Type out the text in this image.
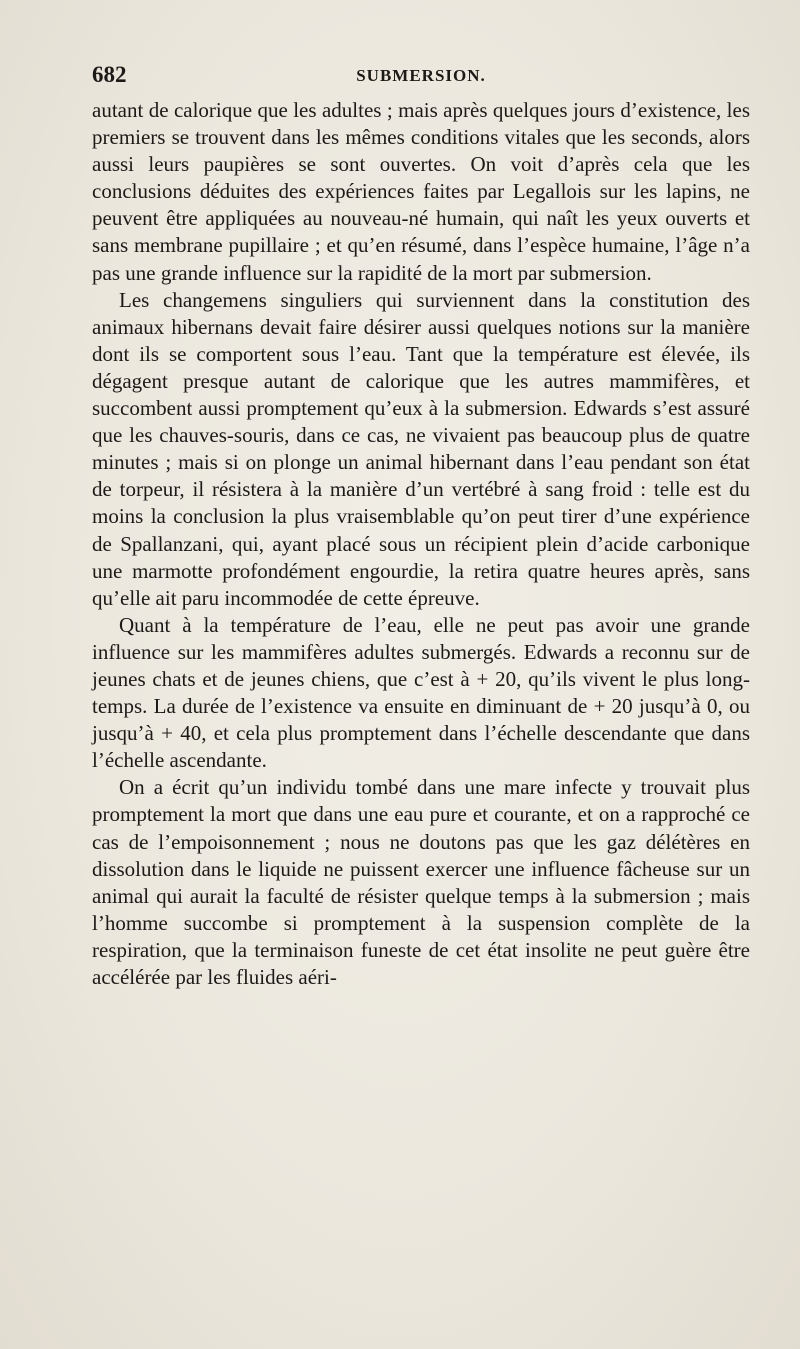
682	SUBMERSION.

autant de calorique que les adultes ; mais après quelques jours d’existence, les premiers se trouvent dans les mêmes conditions vitales que les seconds, alors aussi leurs paupières se sont ouvertes. On voit d’après cela que les conclusions déduites des expériences faites par Legallois sur les lapins, ne peuvent être appliquées au nouveau-né humain, qui naît les yeux ouverts et sans membrane pupillaire ; et qu’en résumé, dans l’espèce humaine, l’âge n’a pas une grande influence sur la rapidité de la mort par submersion.

Les changemens singuliers qui surviennent dans la constitution des animaux hibernans devait faire désirer aussi quelques notions sur la manière dont ils se comportent sous l’eau. Tant que la température est élevée, ils dégagent presque autant de calorique que les autres mammifères, et succombent aussi promptement qu’eux à la submersion. Edwards s’est assuré que les chauves-souris, dans ce cas, ne vivaient pas beaucoup plus de quatre minutes ; mais si on plonge un animal hibernant dans l’eau pendant son état de torpeur, il résistera à la manière d’un vertébré à sang froid : telle est du moins la conclusion la plus vraisemblable qu’on peut tirer d’une expérience de Spallanzani, qui, ayant placé sous un récipient plein d’acide carbonique une marmotte profondément engourdie, la retira quatre heures après, sans qu’elle ait paru incommodée de cette épreuve.

Quant à la température de l’eau, elle ne peut pas avoir une grande influence sur les mammifères adultes submergés. Edwards a reconnu sur de jeunes chats et de jeunes chiens, que c’est à + 20, qu’ils vivent le plus long-temps. La durée de l’existence va ensuite en diminuant de + 20 jusqu’à 0, ou jusqu’à + 40, et cela plus promptement dans l’échelle descendante que dans l’échelle ascendante.

On a écrit qu’un individu tombé dans une mare infecte y trouvait plus promptement la mort que dans une eau pure et courante, et on a rapproché ce cas de l’empoisonnement ; nous ne doutons pas que les gaz délétères en dissolution dans le liquide ne puissent exercer une influence fâcheuse sur un animal qui aurait la faculté de résister quelque temps à la submersion ; mais l’homme succombe si promptement à la suspension complète de la respiration, que la terminaison funeste de cet état insolite ne peut guère être accélérée par les fluides aéri-
